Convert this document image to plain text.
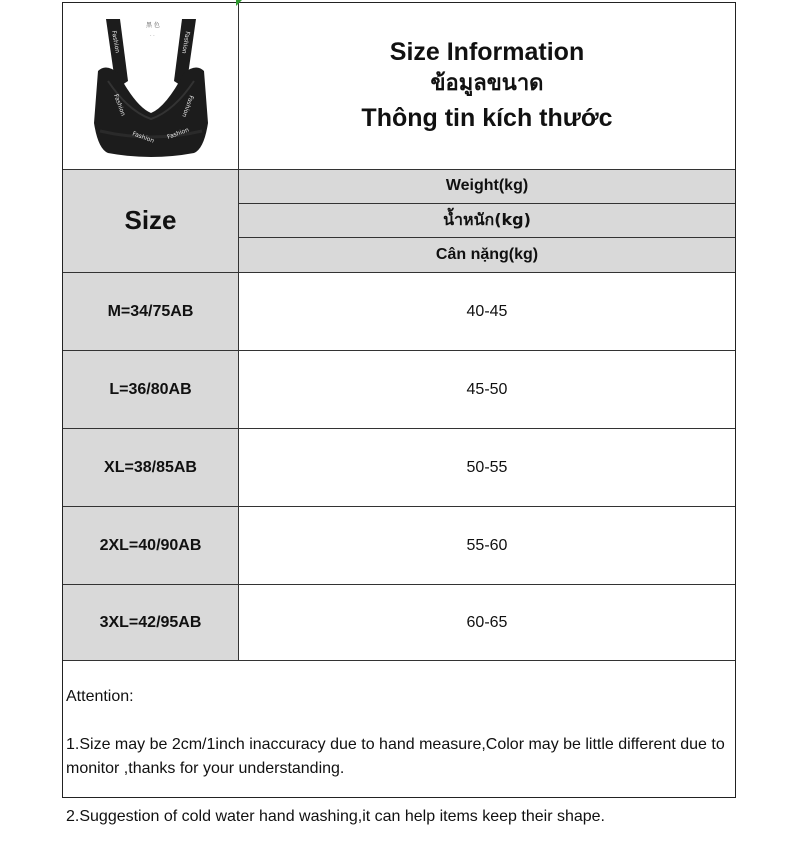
Fashion	Fashion
Fashion	Fashion
Fashion Fashion
黑 色
· ·
Size Information
ข้อมูลขนาด
Thông tin kích thước
Size
Weight(kg)
น้ำหนัก(kg)
Cân nặng(kg)
M=34/75AB	40-45
L=36/80AB	45-50
XL=38/85AB	50-55
2XL=40/90AB	55-60
3XL=42/95AB	60-65

Attention:

1.Size may be 2cm/1inch inaccuracy due to hand measure,Color may be little different due to monitor ,thanks for your understanding.

2.Suggestion of cold water hand washing,it can help items keep their shape.
